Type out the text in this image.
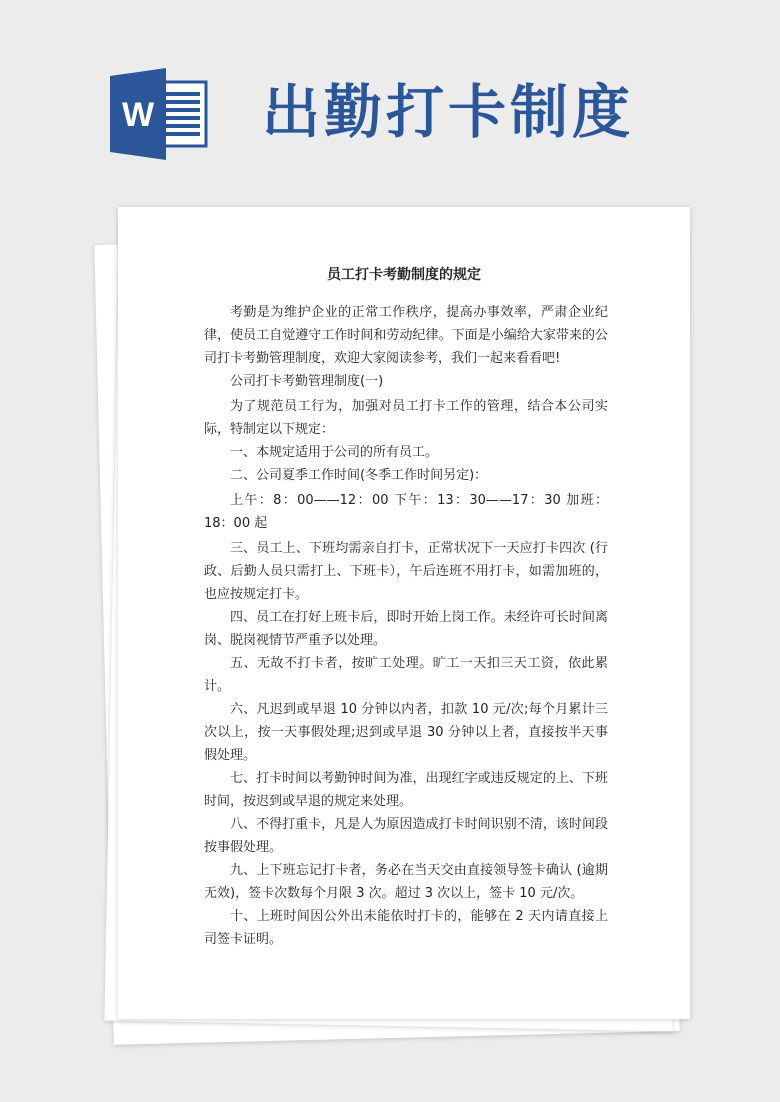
W 出勤打卡制度
员工打卡考勤制度的规定

考勤是为维护企业的正常工作秩序，提高办事效率，严肃企业纪律，使员工自觉遵守工作时间和劳动纪律。下面是小编给大家带来的公司打卡考勤管理制度，欢迎大家阅读参考，我们一起来看看吧!

公司打卡考勤管理制度(一)

为了规范员工行为，加强对员工打卡工作的管理，结合本公司实际，特制定以下规定：

一、本规定适用于公司的所有员工。

二、公司夏季工作时间(冬季工作时间另定)：

上午：8：00——12：00 下午：13：30——17：30 加班：18：00 起

三、员工上、下班均需亲自打卡，正常状况下一天应打卡四次 (行政、后勤人员只需打上、下班卡），午后连班不用打卡，如需加班的，也应按规定打卡。

四、员工在打好上班卡后，即时开始上岗工作。未经许可长时间离岗、脱岗视情节严重予以处理。

五、无故不打卡者，按旷工处理。旷工一天扣三天工资，依此累计。

六、凡迟到或早退 10 分钟以内者，扣款 10 元/次;每个月累计三次以上，按一天事假处理;迟到或早退 30 分钟以上者，直接按半天事假处理。

七、打卡时间以考勤钟时间为准，出现红字或违反规定的上、下班时间，按迟到或早退的规定来处理。

八、不得打重卡，凡是人为原因造成打卡时间识别不清，该时间段按事假处理。

九、上下班忘记打卡者，务必在当天交由直接领导签卡确认 (逾期无效)，签卡次数每个月限 3 次。超过 3 次以上，签卡 10 元/次。

十、上班时间因公外出未能依时打卡的，能够在 2 天内请直接上司签卡证明。
